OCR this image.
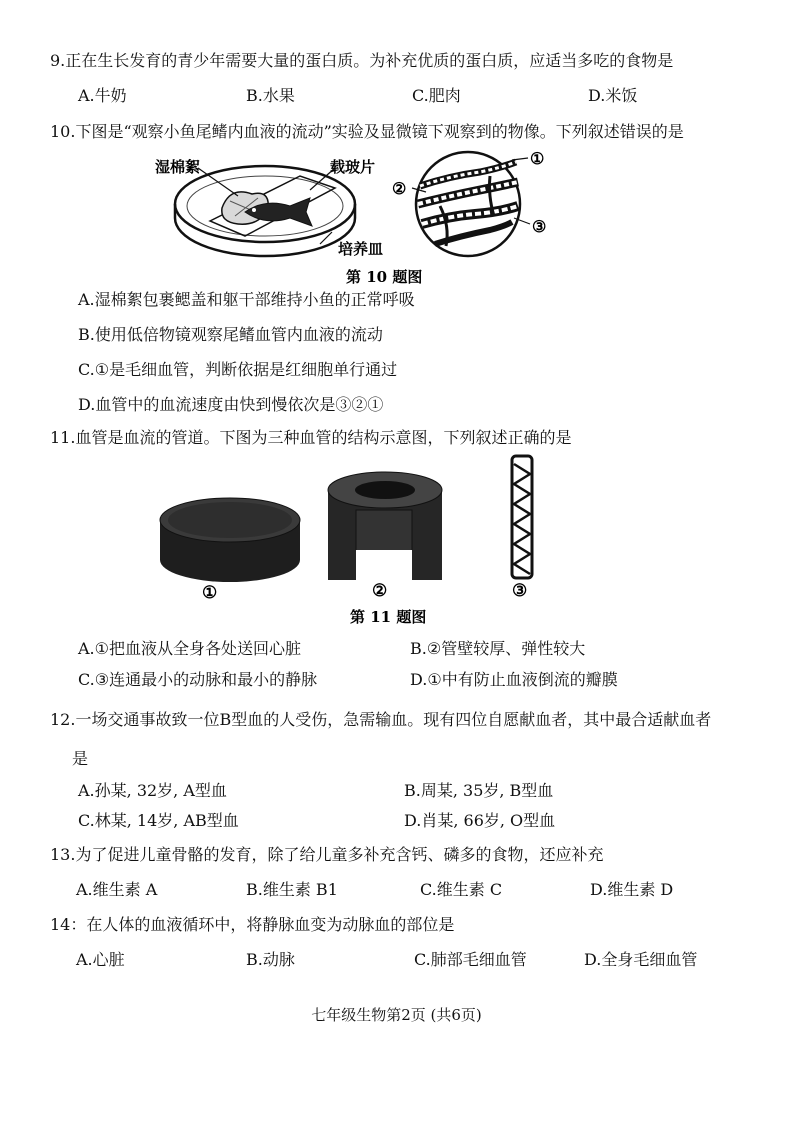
9.正在生长发育的青少年需要大量的蛋白质。为补充优质的蛋白质，应适当多吃的食物是
A.牛奶	B.水果	C.肥肉	D.米饭
10.下图是“观察小鱼尾鳍内血液的流动”实验及显微镜下观察到的物像。下列叙述错误的是
湿棉絮	载玻片
培养皿
①
②
③
第 10 题图
A.湿棉絮包裹鳃盖和躯干部维持小鱼的正常呼吸
B.使用低倍物镜观察尾鳍血管内血液的流动
C.①是毛细血管，判断依据是红细胞单行通过
D.血管中的血流速度由快到慢依次是③②①
11.血管是血流的管道。下图为三种血管的结构示意图，下列叙述正确的是
①	②	③
第 11 题图
A.①把血液从全身各处送回心脏	B.②管壁较厚、弹性较大
C.③连通最小的动脉和最小的静脉	D.①中有防止血液倒流的瓣膜
12.一场交通事故致一位B型血的人受伤，急需输血。现有四位自愿献血者，其中最合适献血者
是
A.孙某, 32岁, A型血	B.周某, 35岁, B型血
C.林某, 14岁, AB型血	D.肖某, 66岁, O型血
13.为了促进儿童骨骼的发育，除了给儿童多补充含钙、磷多的食物，还应补充
A.维生素 A	B.维生素 B1	C.维生素 C	D.维生素 D
14：在人体的血液循环中，将静脉血变为动脉血的部位是
A.心脏	B.动脉	C.肺部毛细血管	D.全身毛细血管
七年级生物第2页 (共6页)
